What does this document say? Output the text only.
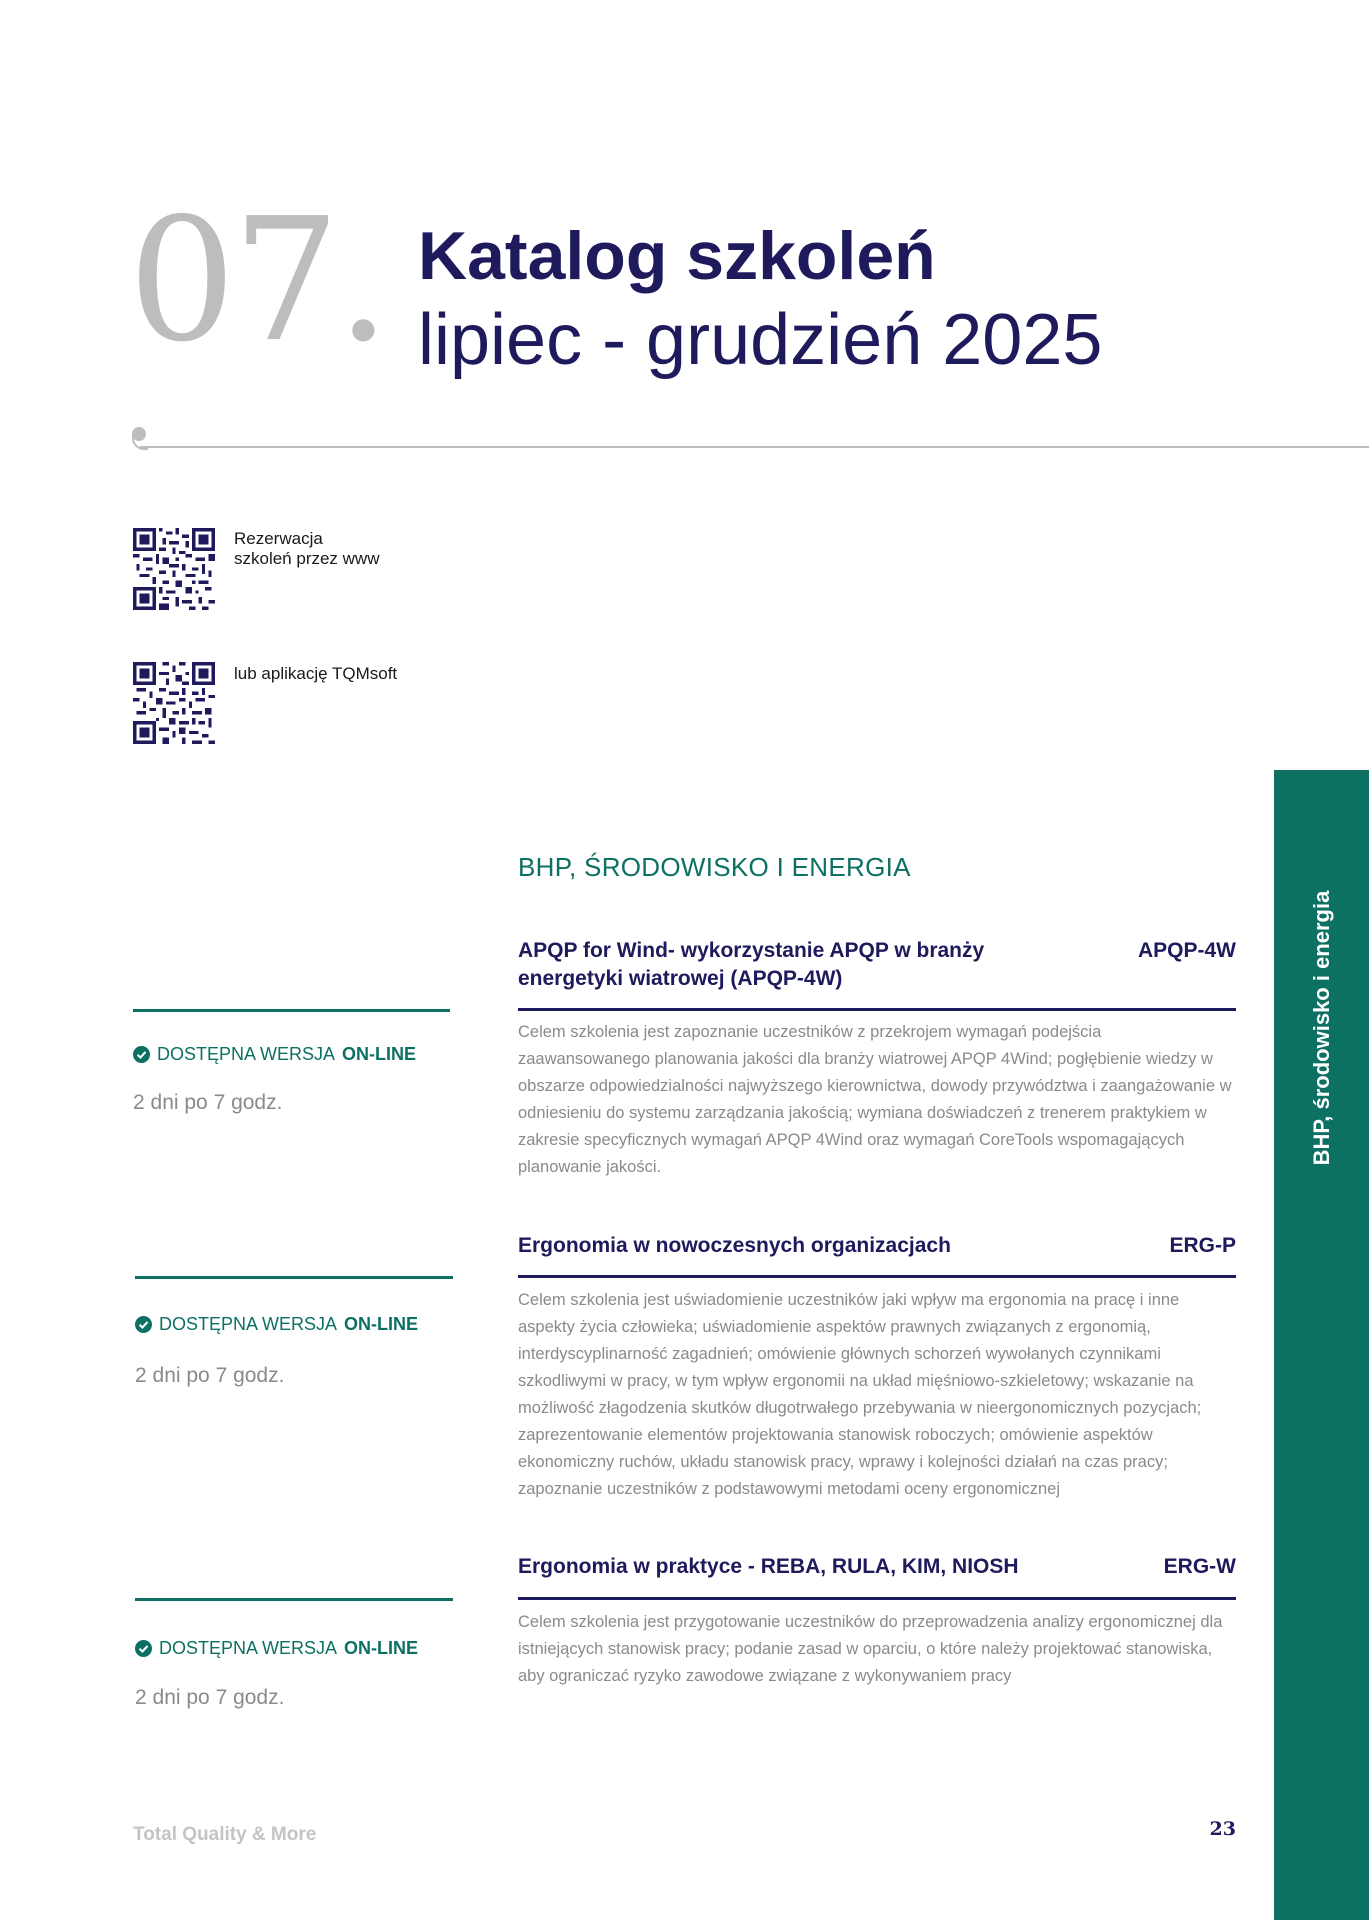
07. Katalog szkoleń
lipiec - grudzień 2025
Rezerwacja
szkoleń przez www
lub aplikację TQMsoft
BHP, środowisko i energia
BHP, ŚRODOWISKO I ENERGIA
APQP for Wind- wykorzystanie APQP w branży energetyki wiatrowej (APQP-4W)
APQP-4W
Celem szkolenia jest zapoznanie uczestników z przekrojem wymagań podejścia zaawansowanego planowania jakości dla branży wiatrowej APQP 4Wind; pogłębienie wiedzy w obszarze odpowiedzialności najwyższego kierownictwa, dowody przywództwa i zaangażowanie w odniesieniu do systemu zarządzania jakością; wymiana doświadczeń z trenerem praktykiem w zakresie specyficznych wymagań APQP 4Wind oraz wymagań CoreTools wspomagających planowanie jakości.
DOSTĘPNA WERSJA ON-LINE
2 dni po 7 godz.
Ergonomia w nowoczesnych organizacjach	ERG-P
Celem szkolenia jest uświadomienie uczestników jaki wpływ ma ergonomia na pracę i inne aspekty życia człowieka; uświadomienie aspektów prawnych związanych z ergonomią, interdyscyplinarność zagadnień; omówienie głównych schorzeń wywołanych czynnikami szkodliwymi w pracy, w tym wpływ ergonomii na układ mięśniowo-szkieletowy; wskazanie na możliwość złagodzenia skutków długotrwałego przebywania w nieergonomicznych pozycjach; zaprezentowanie elementów projektowania stanowisk roboczych; omówienie aspektów ekonomiczny ruchów, układu stanowisk pracy, wprawy i kolejności działań na czas pracy; zapoznanie uczestników z podstawowymi metodami oceny ergonomicznej
DOSTĘPNA WERSJA ON-LINE
2 dni po 7 godz.
Ergonomia w praktyce - REBA, RULA, KIM, NIOSH	ERG-W
Celem szkolenia jest przygotowanie uczestników do przeprowadzenia analizy ergonomicznej dla istniejących stanowisk pracy; podanie zasad w oparciu, o które należy projektować stanowiska, aby ograniczać ryzyko zawodowe związane z wykonywaniem pracy
DOSTĘPNA WERSJA ON-LINE
2 dni po 7 godz.
Total Quality & More	23
